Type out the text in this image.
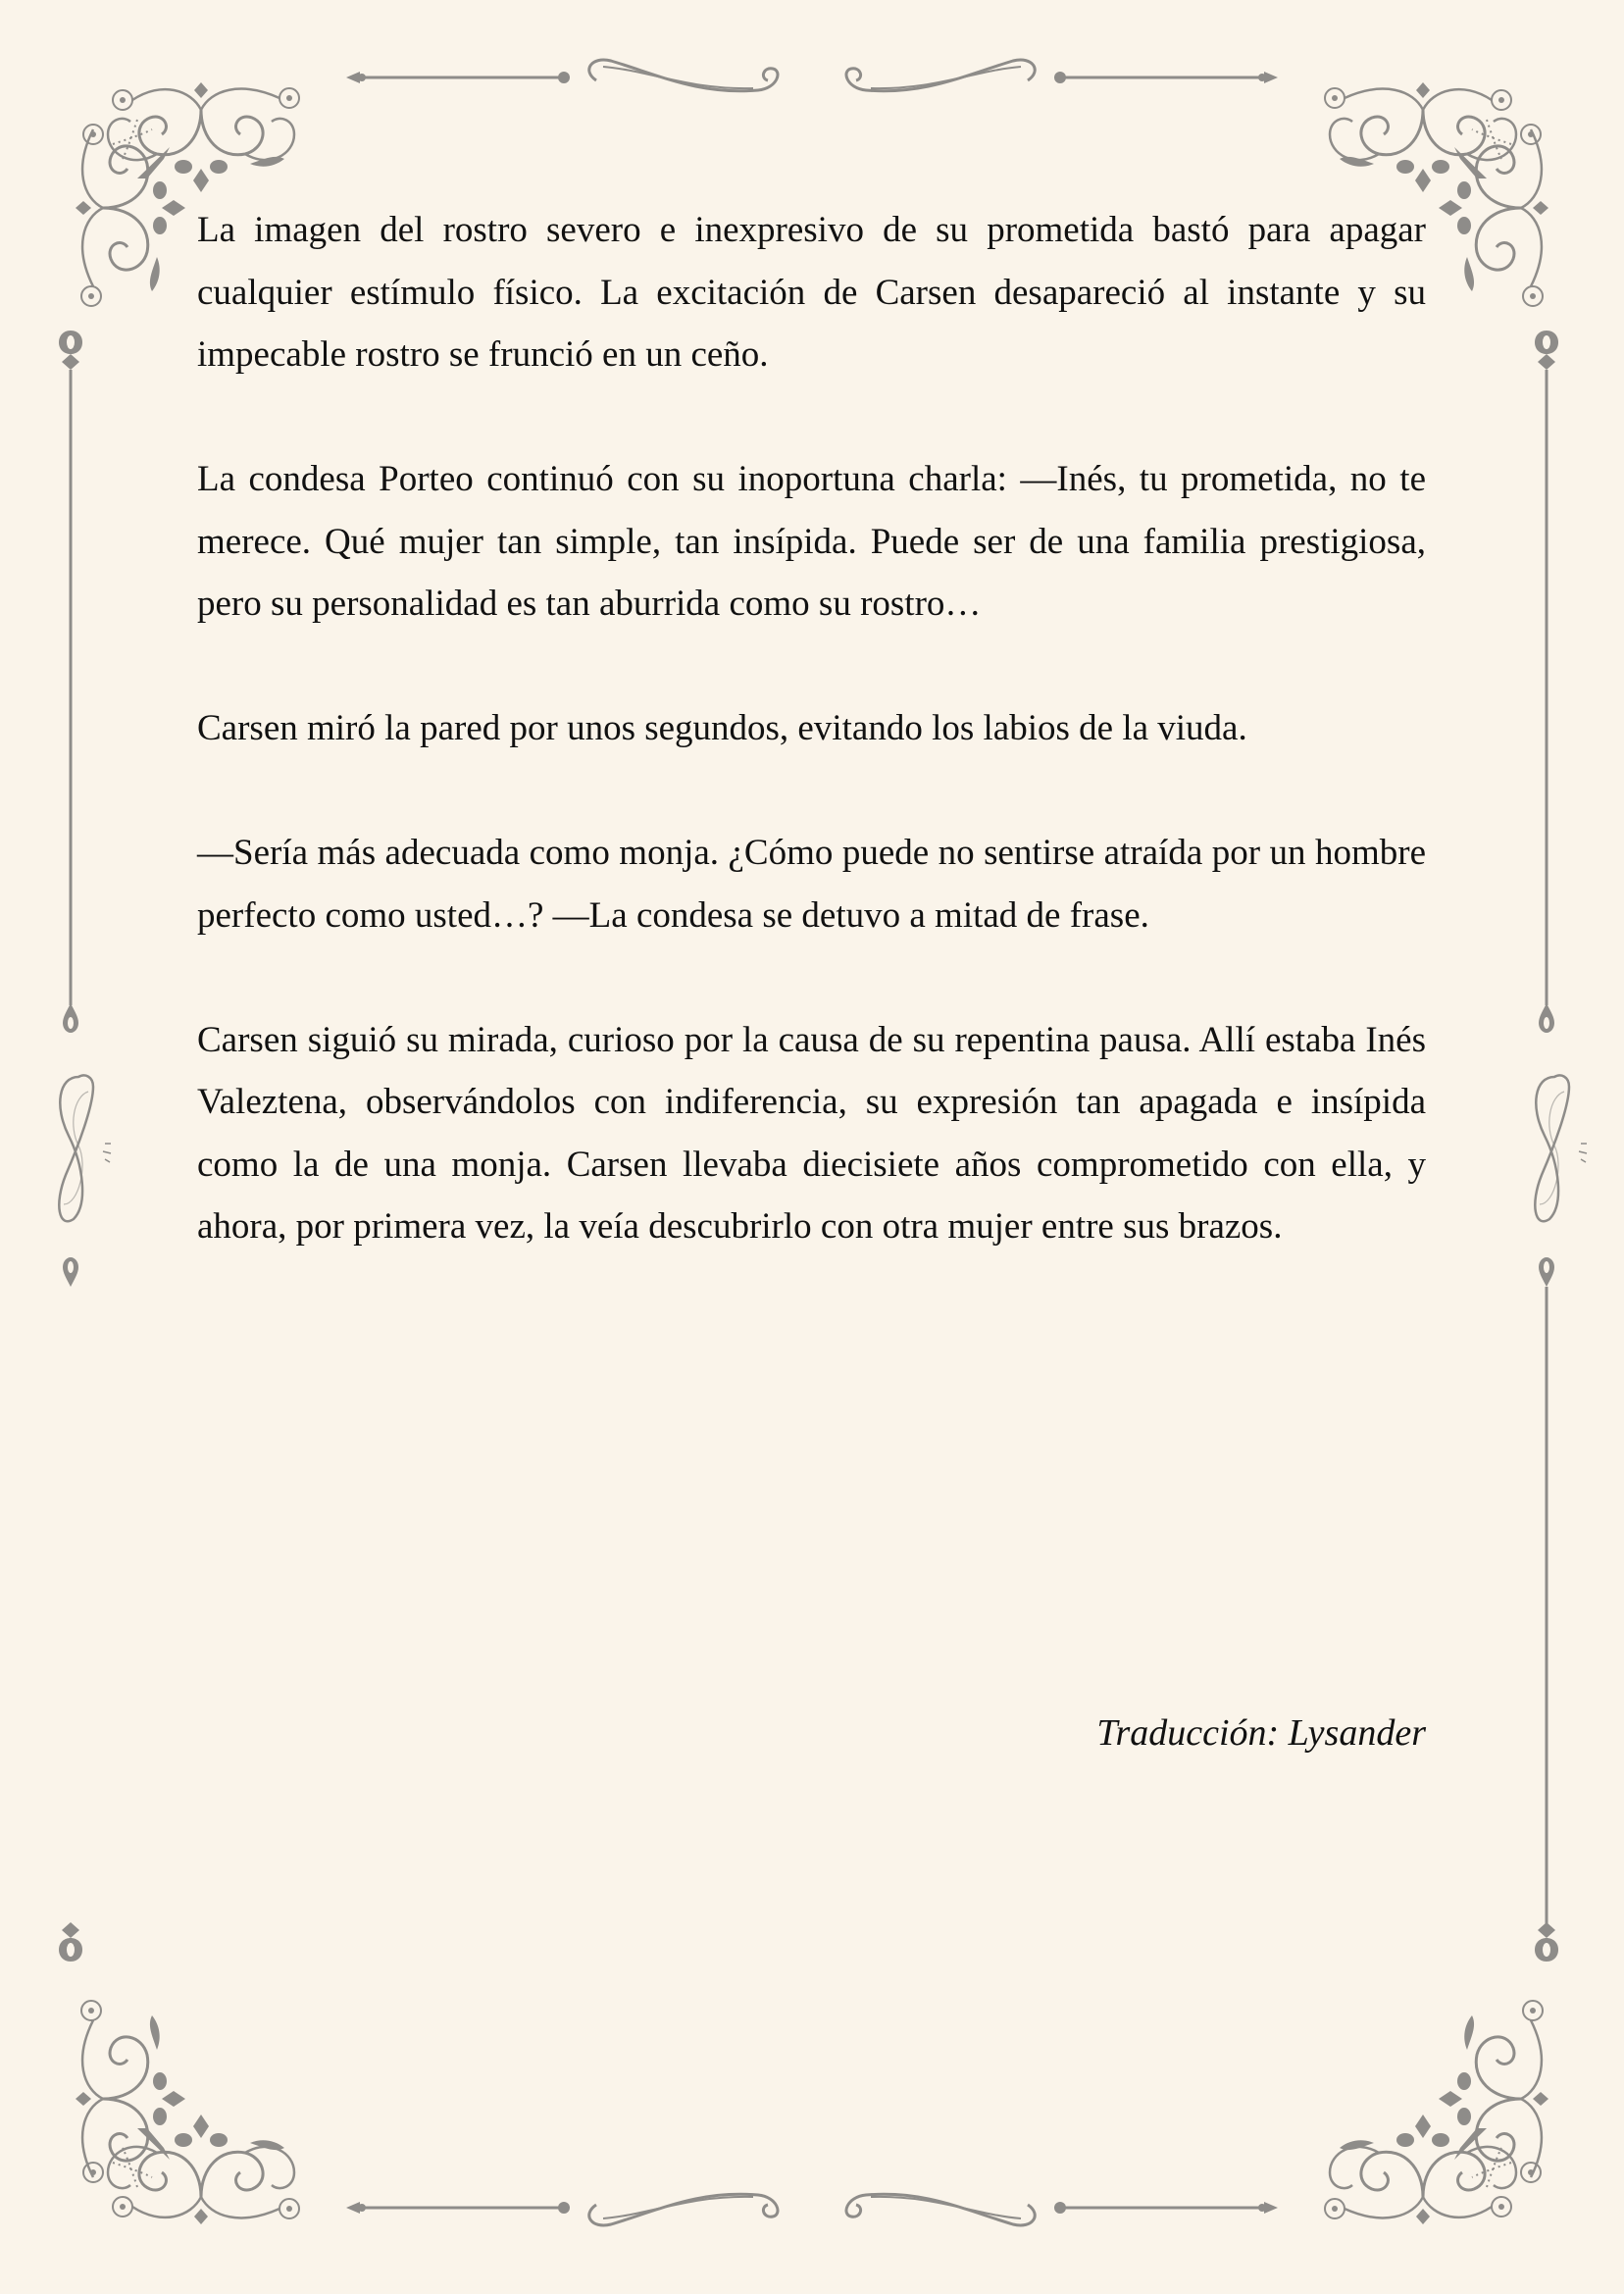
La imagen del rostro severo e inexpresivo de su prometida bastó para apagar cualquier estímulo físico. La excitación de Carsen desapareció al instante y su impecable rostro se frunció en un ceño.

La condesa Porteo continuó con su inoportuna charla: —Inés, tu prometida, no te merece. Qué mujer tan simple, tan insípida. Puede ser de una familia prestigiosa, pero su personalidad es tan aburrida como su rostro…

Carsen miró la pared por unos segundos, evitando los labios de la viuda.

—Sería más adecuada como monja. ¿Cómo puede no sentirse atraída por un hombre perfecto como usted…? —La condesa se detuvo a mitad de frase.

Carsen siguió su mirada, curioso por la causa de su repentina pausa. Allí estaba Inés Valeztena, observándolos con indiferencia, su expresión tan apagada e insípida como la de una monja. Carsen llevaba diecisiete años comprometido con ella, y ahora, por primera vez, la veía descubrirlo con otra mujer entre sus brazos.

Traducción: Lysander
